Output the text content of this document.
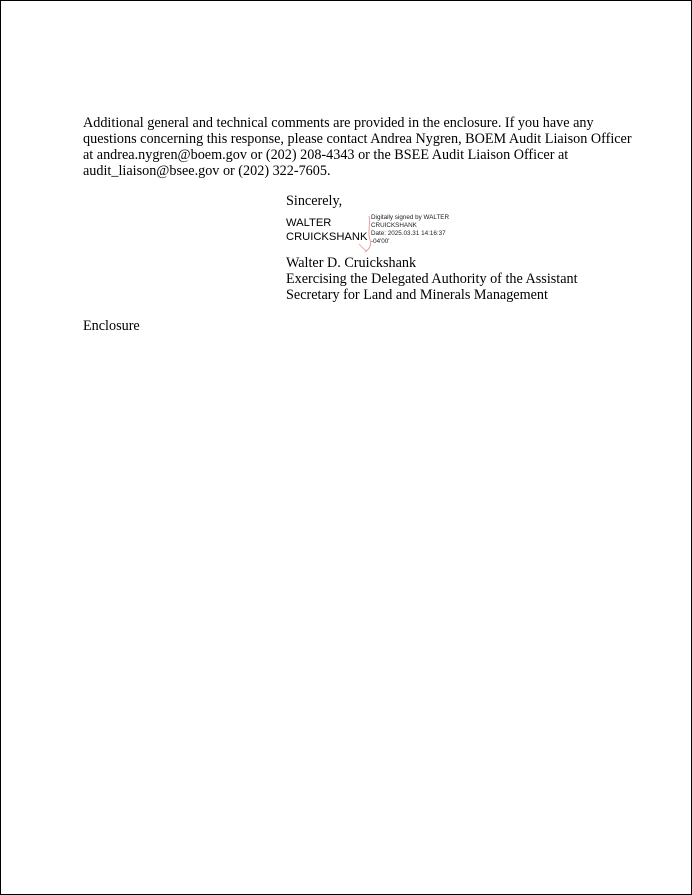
Additional general and technical comments are provided in the enclosure. If you have any
questions concerning this response, please contact Andrea Nygren, BOEM Audit Liaison Officer
at andrea.nygren@boem.gov or (202) 208-4343 or the BSEE Audit Liaison Officer at
audit_liaison@bsee.gov or (202) 322-7605.
Sincerely,
WALTER
CRUICKSHANK
Digitally signed by WALTER
CRUICKSHANK
Date: 2025.03.31 14:16:37
-04'00'
Walter D. Cruickshank
Exercising the Delegated Authority of the Assistant
Secretary for Land and Minerals Management
Enclosure
